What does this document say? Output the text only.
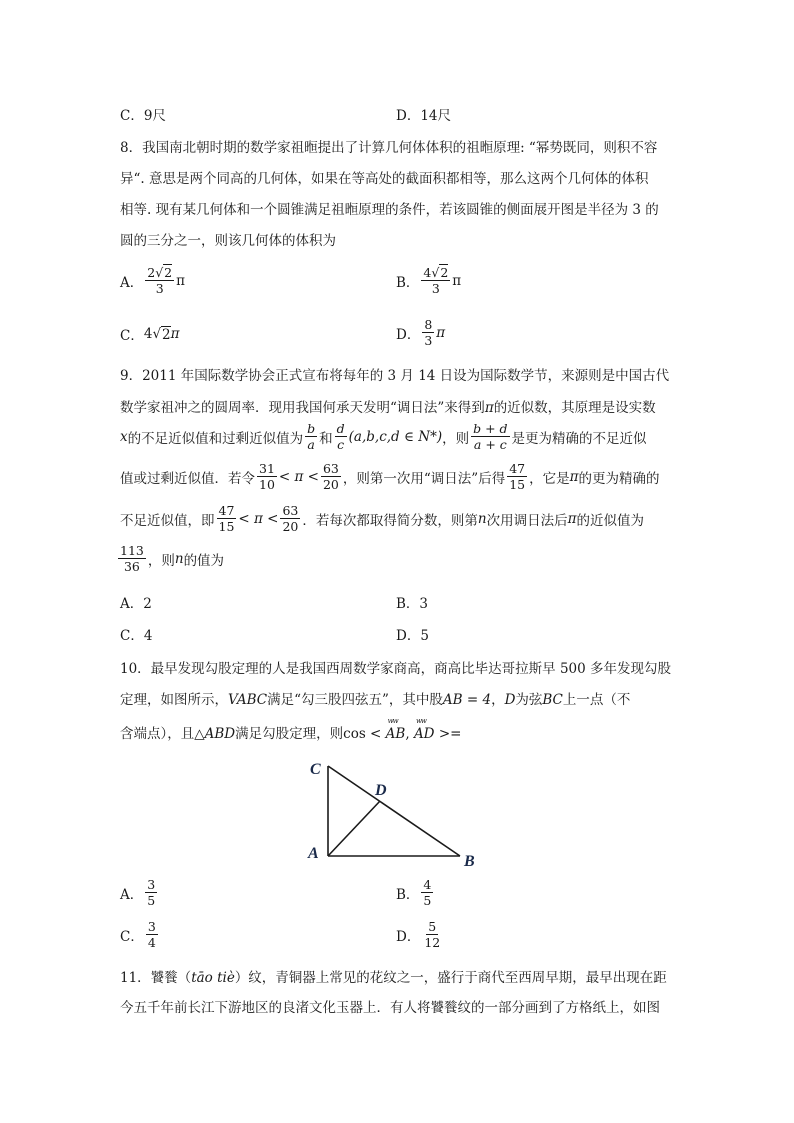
C．9尺	D．14尺
8．我国南北朝时期的数学家祖暅提出了计算几何体体积的祖暅原理: “幂势既同，则积不容
异“. 意思是两个同高的几何体，如果在等高处的截面积都相等，那么这两个几何体的体积
相等. 现有某几何体和一个圆锥满足祖暅原理的条件，若该圆锥的侧面展开图是半径为 3 的
圆的三分之一，则该几何体的体积为
A． $\frac{2√2}{3}$ π	B． $\frac{4√2}{3}$ π
C． 4 √ 2 π	D． $\frac{8}{3}$ π
9．2011 年国际数学协会正式宣布将每年的 3 月 14 日设为国际数学节，来源则是中国古代
数学家祖冲之的圆周率．现用我国何承天发明“调日法”来得到π的近似数，其原理是设实数
x 的不足近似值和过剩近似值为 $\frac{b}{a}$ 和 $\frac{d}{c} (a,b,c,d$ ∈ N*) ，则 $\frac{b + d}{a + c}$ 是更为精确的不足近似
值或过剩近似值．若令 $\frac{31}{10} < \pi < \frac{63}{20}$ ，则第一次用“调日法”后得 $\frac{47}{15}$ ，它是 π 的更为精确的
不足近似值，即 $\frac{47}{15} < \pi < \frac{63}{20}$ ．若每次都取得简分数，则第 n 次用调日法后 π 的近似值为
$\frac{113}{36}$ ，则 n 的值为
A．2	B．3
C．4	D．5
10．最早发现勾股定理的人是我国西周数学家商高，商高比毕达哥拉斯早 500 多年发现勾股
定理，如图所示，VABC满足“勾三股四弦五”，其中股AB = 4，D为弦BC上一点（不
含端点），且△ABD满足勾股定理，则cos < ww AB, ww AD >=
C
D
A	B
A． $\frac{3}{5}$	B． $\frac{4}{5}$
C． $\frac{3}{4}$	D． $\frac{5}{12}$
11．饕餮（tāo tiè）纹，青铜器上常见的花纹之一，盛行于商代至西周早期，最早出现在距
今五千年前长江下游地区的良渚文化玉器上．有人将饕餮纹的一部分画到了方格纸上，如图
